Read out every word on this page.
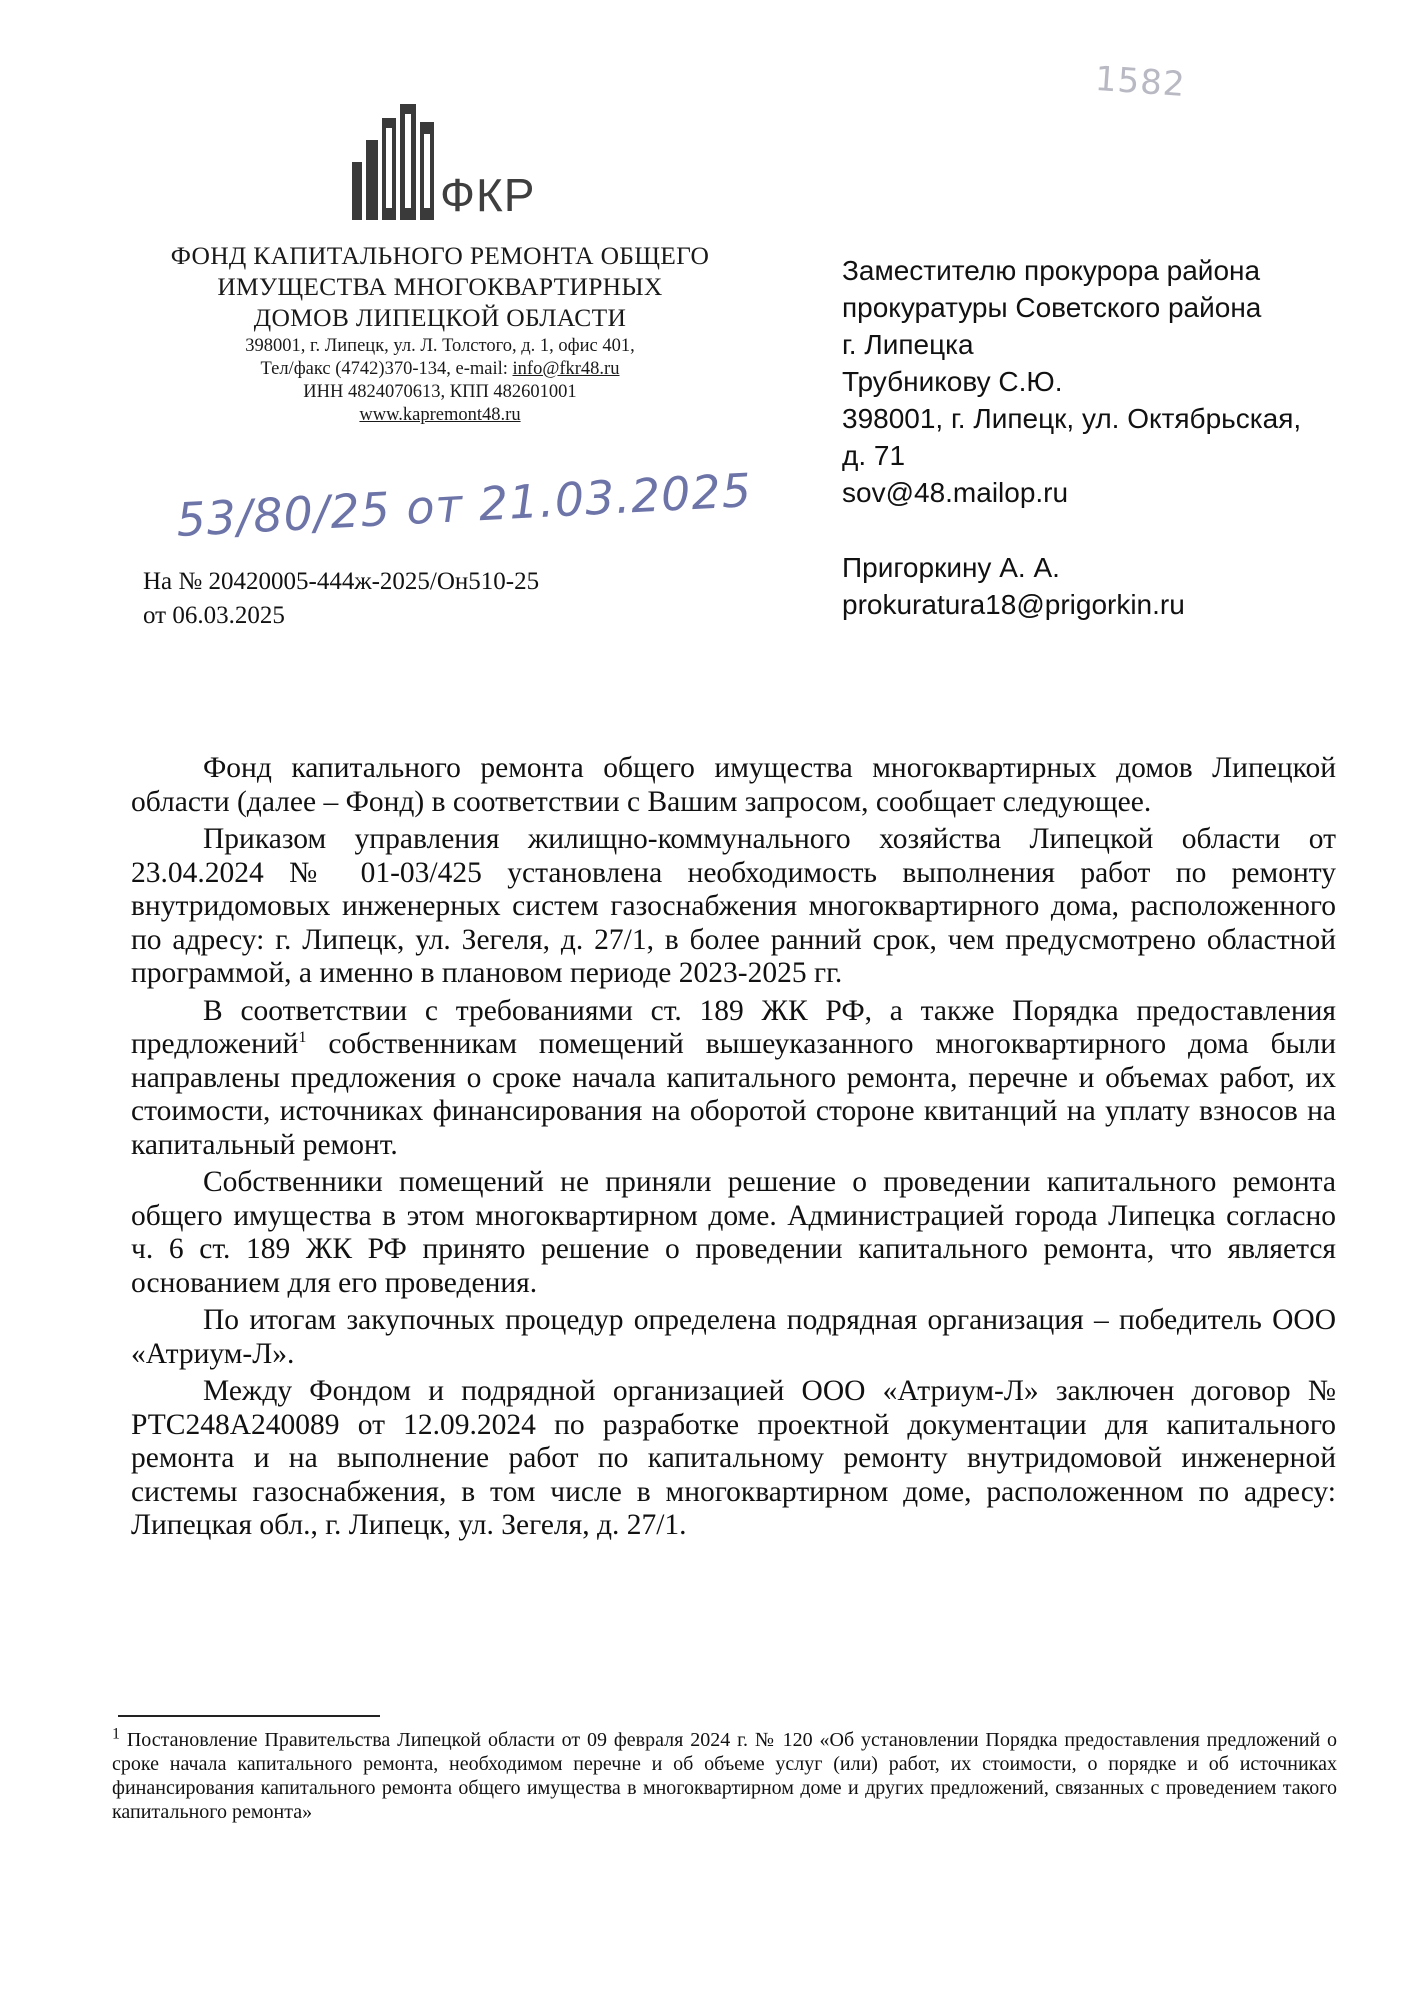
1582
ФКР
ФОНД КАПИТАЛЬНОГО РЕМОНТА ОБЩЕГО
ИМУЩЕСТВА МНОГОКВАРТИРНЫХ
ДОМОВ ЛИПЕЦКОЙ ОБЛАСТИ
398001, г. Липецк, ул. Л. Толстого, д. 1, офис 401,
Тел/факс (4742)370-134, e-mail: info@fkr48.ru
ИНН 4824070613, КПП 482601001
www.kapremont48.ru
53/80/25 от 21.03.2025
На № 20420005-444ж-2025/Он510-25
от 06.03.2025
Заместителю прокурора района
прокуратуры Советского района
г. Липецка
Трубникову С.Ю.
398001, г. Липецк, ул. Октябрьская,
д. 71
sov@48.mailop.ru
Пригоркину А. А.
prokuratura18@prigorkin.ru

Фонд капитального ремонта общего имущества многоквартирных домов Липецкой области (далее – Фонд) в соответствии с Вашим запросом, сообщает следующее.

Приказом управления жилищно-коммунального хозяйства Липецкой области от 23.04.2024 № 01-03/425 установлена необходимость выполнения работ по ремонту внутридомовых инженерных систем газоснабжения многоквартирного дома, расположенного по адресу: г. Липецк, ул. Зегеля, д. 27/1, в более ранний срок, чем предусмотрено областной программой, а именно в плановом периоде 2023-2025 гг.

В соответствии с требованиями ст. 189 ЖК РФ, а также Порядка предоставления предложений$^1$ собственникам помещений вышеуказанного многоквартирного дома были направлены предложения о сроке начала капитального ремонта, перечне и объемах работ, их стоимости, источниках финансирования на оборотой стороне квитанций на уплату взносов на капитальный ремонт.

Собственники помещений не приняли решение о проведении капитального ремонта общего имущества в этом многоквартирном доме. Администрацией города Липецка согласно ч. 6 ст. 189 ЖК РФ принято решение о проведении капитального ремонта, что является основанием для его проведения.

По итогам закупочных процедур определена подрядная организация – победитель ООО «Атриум-Л».

Между Фондом и подрядной организацией ООО «Атриум-Л» заключен договор № РТС248А240089 от 12.09.2024 по разработке проектной документации для капитального ремонта и на выполнение работ по капитальному ремонту внутридомовой инженерной системы газоснабжения, в том числе в многоквартирном доме, расположенном по адресу: Липецкая обл., г. Липецк, ул. Зегеля, д. 27/1.

$^1$ Постановление Правительства Липецкой области от 09 февраля 2024 г. № 120 «Об установлении Порядка предоставления предложений о сроке начала капитального ремонта, необходимом перечне и об объеме услуг (или) работ, их стоимости, о порядке и об источниках финансирования капитального ремонта общего имущества в многоквартирном доме и других предложений, связанных с проведением такого капитального ремонта»
